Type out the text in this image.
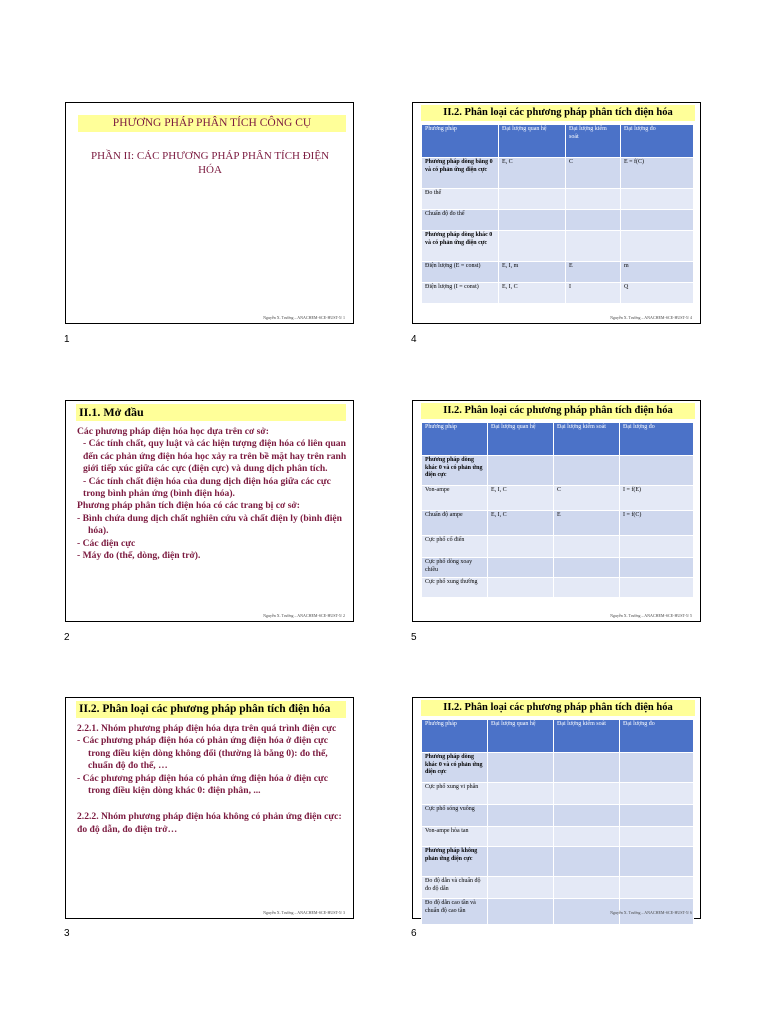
PHƯƠNG PHÁP PHÂN TÍCH CÔNG CỤ
PHẦN II: CÁC PHƯƠNG PHÁP PHÂN TÍCH ĐIỆN HÓA
Nguyễn X. Trường – ANACHEM-SCE-HUST-5/ 1
1
II.2. Phân loại các phương pháp phân tích điện hóa
Phương pháp	Đại lượng quan hệ	Đại lượng kiểm soát	Đại lượng đo
Phương pháp dòng bằng 0 và có phản ứng điện cực	E, C	C	E = f(C)
Đo thế			
Chuẩn độ đo thế			
Phương pháp dòng khác 0 và có phản ứng điện cực			
Điện lượng (E = const)	E, I, m	E	m
Điện lượng (I = const)	E, I, C	I	Q
Nguyễn X. Trường – ANACHEM-SCE-HUST-5/ 4
4
II.1. Mở đầu

Các phương pháp điện hóa học dựa trên cơ sở:

- Các tính chất, quy luật và các hiện tượng điện hóa có liên quan đến các phản ứng điện hóa học xảy ra trên bề mặt hay trên ranh giới tiếp xúc giữa các cực (điện cực) và dung dịch phân tích.

- Các tính chất điện hóa của dung dịch điện hóa giữa các cực trong bình phản ứng (bình điện hóa).

Phương pháp phân tích điện hóa có các trang bị cơ sở:

- Bình chứa dung dịch chất nghiên cứu và chất điện ly (bình điện hóa).

- Các điện cực

- Máy đo (thế, dòng, điện trở).

Nguyễn X. Trường – ANACHEM-SCE-HUST-5/ 2
2
II.2. Phân loại các phương pháp phân tích điện hóa
Phương pháp	Đại lượng quan hệ	Đại lượng kiểm soát	Đại lượng đo
Phương pháp dòng khác 0 và có phản ứng điện cực			
Von-ampe	E, I, C	C	I = f(E)
Chuẩn độ ampe	E, I, C	E	I = f(C)
Cực phổ cổ điển			
Cực phổ dòng xoay chiều			
Cực phổ xung thường			
Nguyễn X. Trường – ANACHEM-SCE-HUST-5/ 5
5
II.2. Phân loại các phương pháp phân tích điện hóa

2.2.1. Nhóm phương pháp điện hóa dựa trên quá trình điện cực

- Các phương pháp điện hóa có phản ứng điện hóa ở điện cực trong điều kiện dòng không đổi (thường là bằng 0): đo thế, chuẩn độ đo thế, …

- Các phương pháp điện hóa có phản ứng điện hóa ở điện cực trong điều kiện dòng khác 0: điện phân, ...

2.2.2. Nhóm phương pháp điện hóa không có phản ứng điện cực: đo độ dẫn, đo điện trở…

Nguyễn X. Trường – ANACHEM-SCE-HUST-5/ 3
3
II.2. Phân loại các phương pháp phân tích điện hóa
Phương pháp	Đại lượng quan hệ	Đại lượng kiểm soát	Đại lượng đo
Phương pháp dòng khác 0 và có phản ứng điện cực			
Cực phổ xung vi phân			
Cực phổ sóng vuông			
Von-ampe hòa tan			
Phương pháp không phản ứng điện cực			
Đo độ dẫn và chuẩn độ đo độ dẫn			
Đo độ dẫn cao tần và chuẩn độ cao tần				Nguyễn X. Trường – ANACHEM-SCE-HUST-5/ 6
6
